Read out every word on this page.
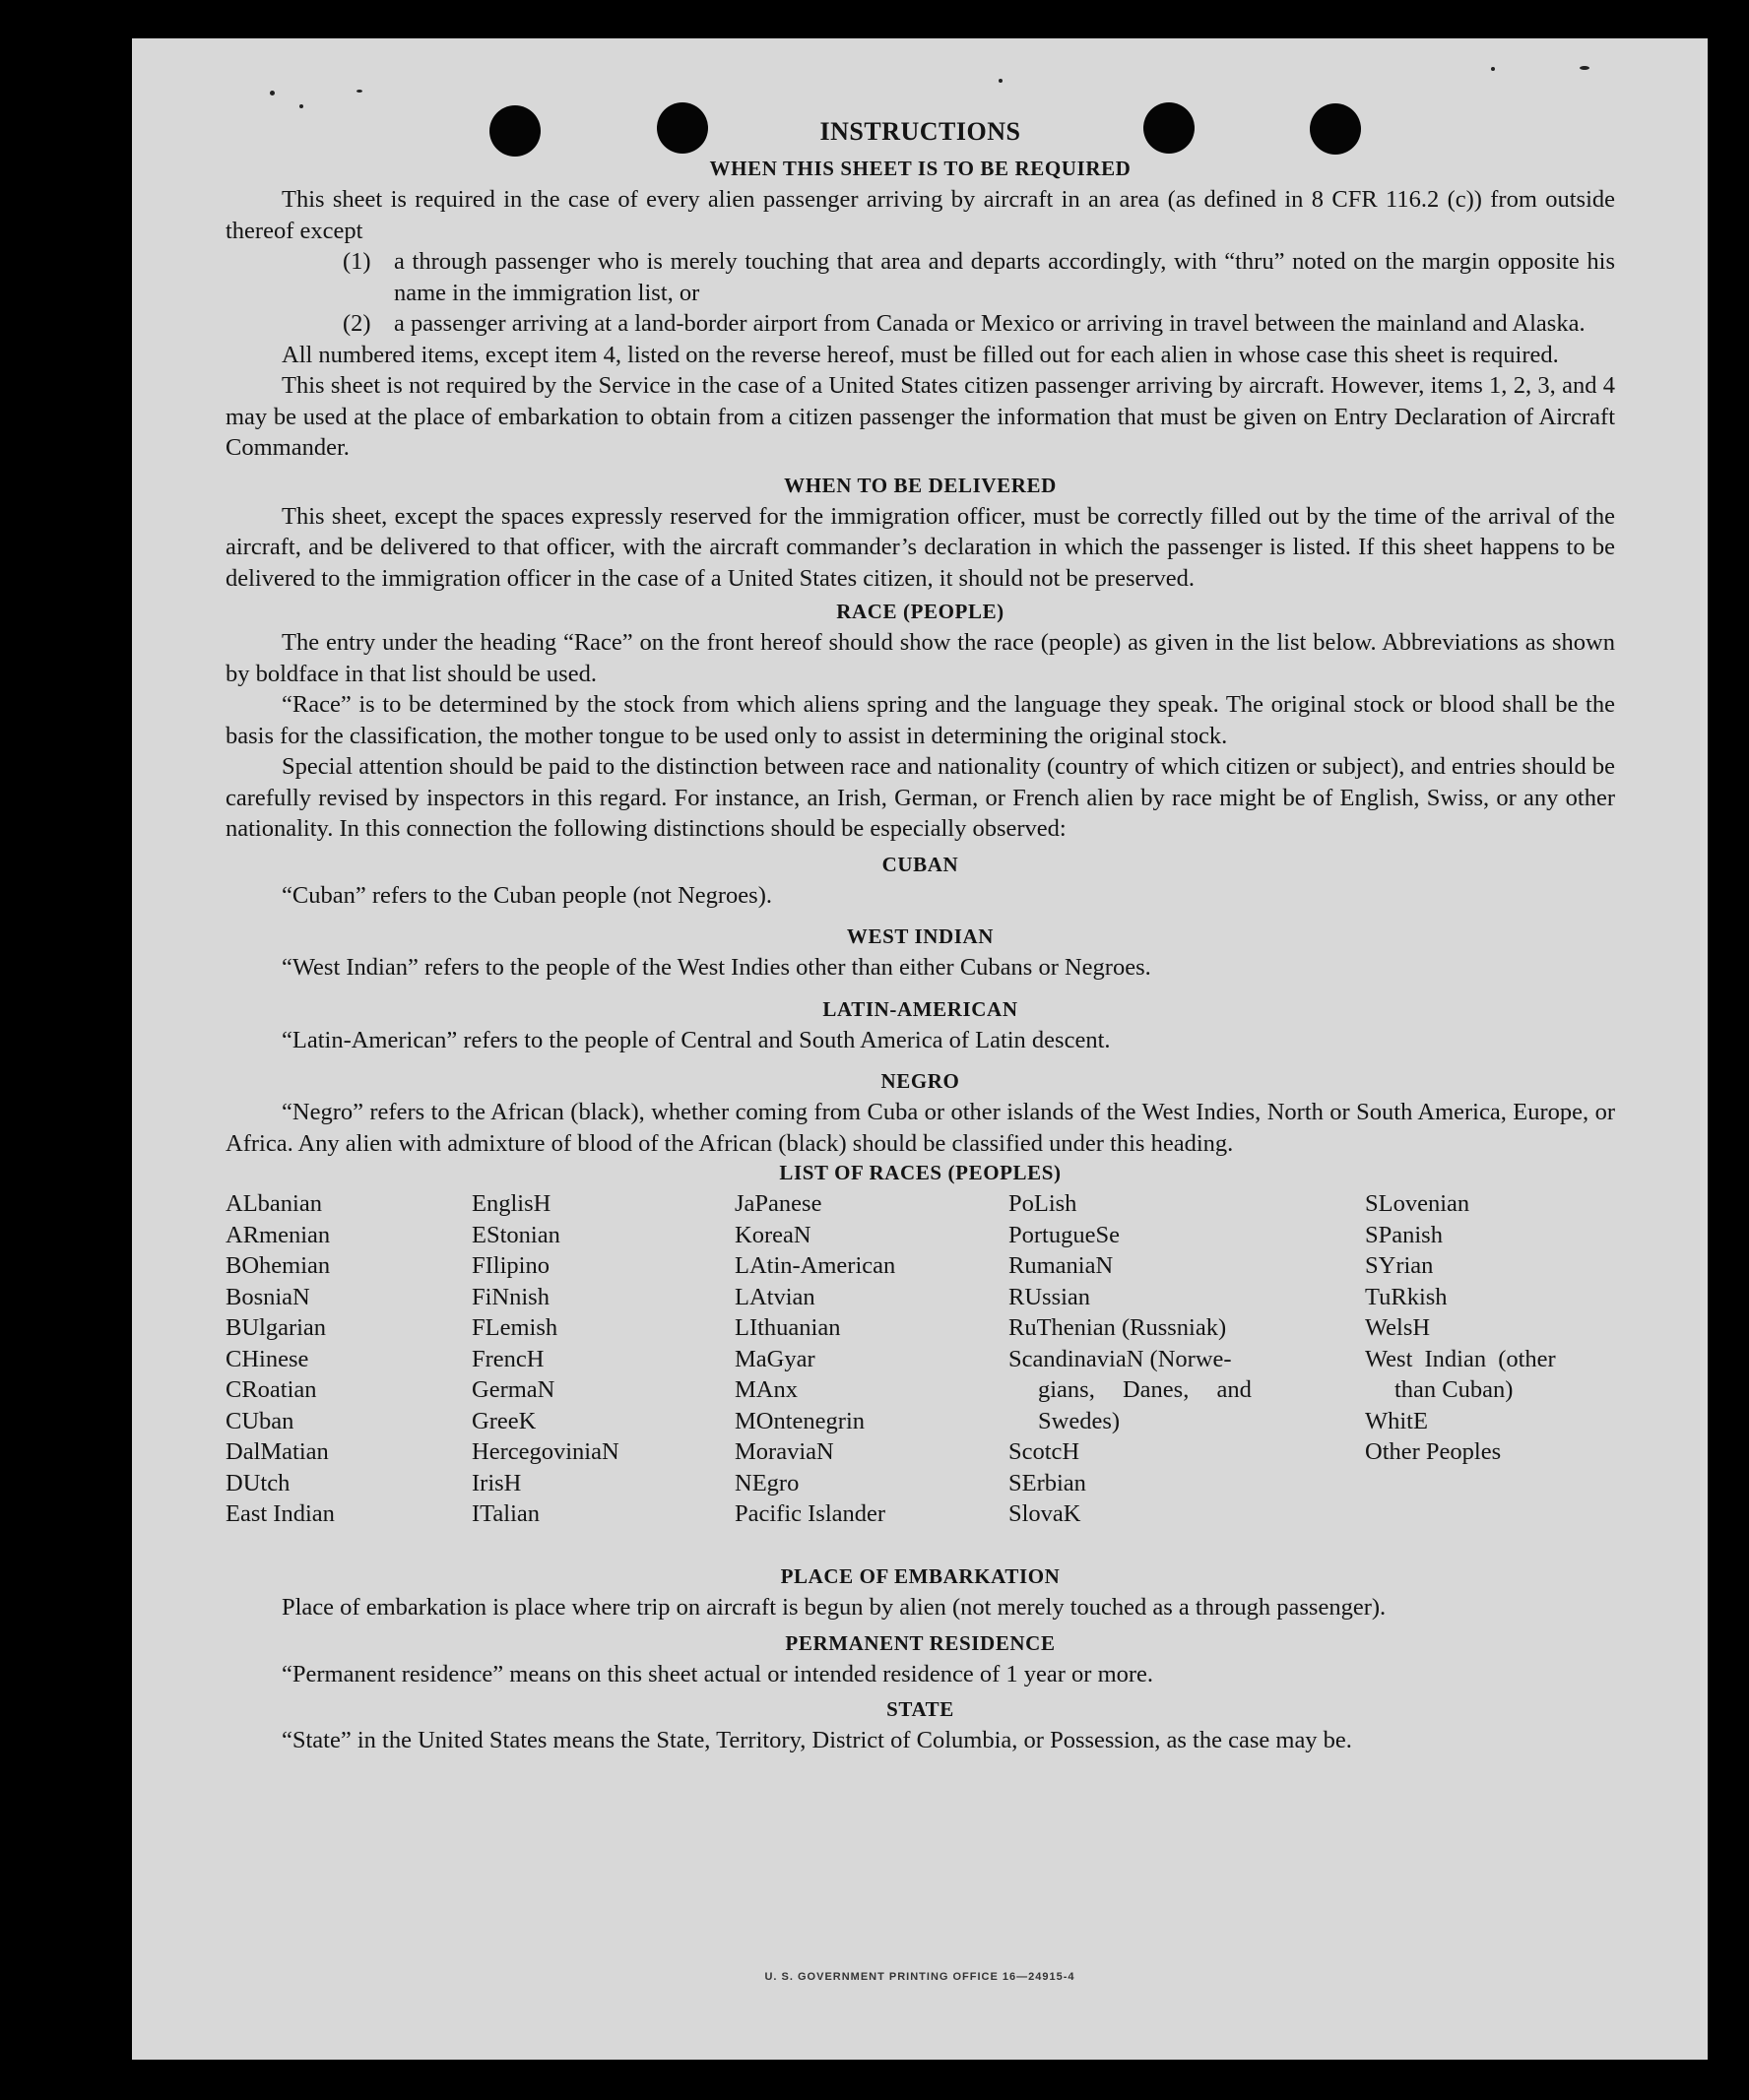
INSTRUCTIONS
WHEN THIS SHEET IS TO BE REQUIRED

This sheet is required in the case of every alien passenger arriving by aircraft in an area (as defined in 8 CFR 116.2 (c)) from outside thereof except

(1) a through passenger who is merely touching that area and departs accordingly, with “thru” noted on the margin opposite his name in the immigration list, or
(2) a passenger arriving at a land-border airport from Canada or Mexico or arriving in travel between the mainland and Alaska.

All numbered items, except item 4, listed on the reverse hereof, must be filled out for each alien in whose case this sheet is required.

This sheet is not required by the Service in the case of a United States citizen passenger arriving by aircraft. However, items 1, 2, 3, and 4 may be used at the place of embarkation to obtain from a citizen passenger the information that must be given on Entry Declaration of Aircraft Commander.

WHEN TO BE DELIVERED

This sheet, except the spaces expressly reserved for the immigration officer, must be correctly filled out by the time of the arrival of the aircraft, and be delivered to that officer, with the aircraft commander’s declaration in which the passenger is listed. If this sheet happens to be delivered to the immigration officer in the case of a United States citizen, it should not be preserved.

RACE (PEOPLE)

The entry under the heading “Race” on the front hereof should show the race (people) as given in the list below. Abbreviations as shown by boldface in that list should be used.

“Race” is to be determined by the stock from which aliens spring and the language they speak. The original stock or blood shall be the basis for the classification, the mother tongue to be used only to assist in determining the original stock.

Special attention should be paid to the distinction between race and nationality (country of which citizen or subject), and entries should be carefully revised by inspectors in this regard. For instance, an Irish, German, or French alien by race might be of English, Swiss, or any other nationality. In this connection the following distinctions should be especially observed:

CUBAN
“Cuban” refers to the Cuban people (not Negroes).
WEST INDIAN
“West Indian” refers to the people of the West Indies other than either Cubans or Negroes.
LATIN-AMERICAN
“Latin-American” refers to the people of Central and South America of Latin descent.
NEGRO

“Negro” refers to the African (black), whether coming from Cuba or other islands of the West Indies, North or South America, Europe, or Africa. Any alien with admixture of blood of the African (black) should be classified under this heading.

LIST OF RACES (PEOPLES)
ALbanian
ARmenian
BOhemian
BosniaN
BUlgarian
CHinese
CRoatian
CUban
DalMatian
DUtch
East Indian
EnglisH
EStonian
FIlipino
FiNnish
FLemish
FrencH
GermaN
GreeK
HercegoviniaN
IrisH
ITalian
JaPanese
KoreaN
LAtin-American
LAtvian
LIthuanian
MaGyar
MAnx
MOntenegrin
MoraviaN
NEgro
Pacific Islander
PoLish
PortugueSe
RumaniaN
RUssian
RuThenian (Russniak)
ScandinaviaN (Norwe-
gians, Danes, and
Swedes)
ScotcH
SErbian
SlovaK
SLovenian
SPanish
SYrian
TuRkish
WelsH
West Indian (other
than Cuban)
WhitE
Other Peoples
PLACE OF EMBARKATION

Place of embarkation is place where trip on aircraft is begun by alien (not merely touched as a through passenger).

PERMANENT RESIDENCE
“Permanent residence” means on this sheet actual or intended residence of 1 year or more.
STATE

“State” in the United States means the State, Territory, District of Columbia, or Possession, as the case may be.

U. S. GOVERNMENT PRINTING OFFICE 16—24915-4
